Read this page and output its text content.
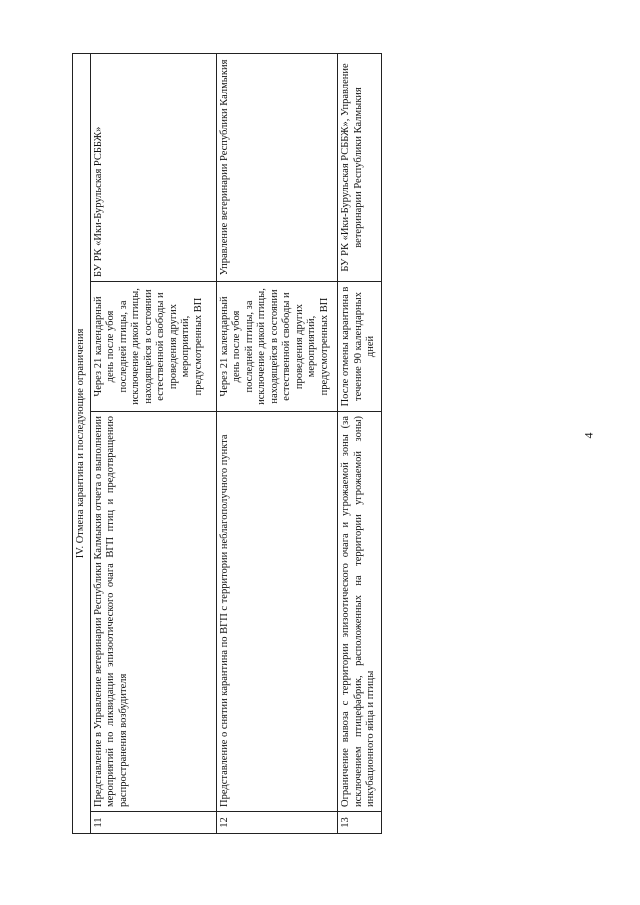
IV. Отмена карантина и последующие ограничения			
11	Представление в Управление ветеринарии Республики Калмыкия отчета о выполнении мероприятий по ликвидации эпизоотического очага ВГП птиц и предотвращению распространения возбудителя	Через 21 календарный день после убоя последней птицы, за исключение дикой птицы, находящейся в состоянии естественной свободы и проведения других мероприятий, предусмотренных ВП	БУ РК «Ики-Бурульская РСББЖ»
12	Представление о снятии карантина по ВГП с территории неблагополучного пункта	Через 21 календарный день после убоя последней птицы, за исключение дикой птицы, находящейся в состоянии естественной свободы и проведения других мероприятий, предусмотренных ВП	Управление ветеринарии Республики Калмыкия
13	Ограничение вывоза с территории эпизоотического очага и угрожаемой зоны (за исключением птицефабрик, расположенных на территории угрожаемой зоны) инкубационного яйца и птицы	После отмены карантина в течение 90 календарных дней	БУ РК «Ики-Бурульская РСББЖ», Управление ветеринарии Республики Калмыкия
4
